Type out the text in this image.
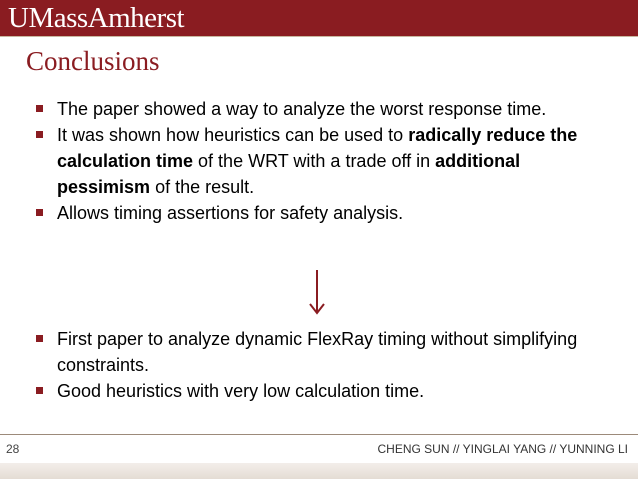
UMassAmherst
Conclusions
The paper showed a way to analyze the worst response time.
It was shown how heuristics can be used to radically reduce the calculation time of the WRT with a trade off in additional pessimism of the result.
Allows timing assertions for safety analysis.
First paper to analyze dynamic FlexRay timing without simplifying constraints.
Good heuristics with very low calculation time.
28	CHENG SUN // YINGLAI YANG // YUNNING LI
